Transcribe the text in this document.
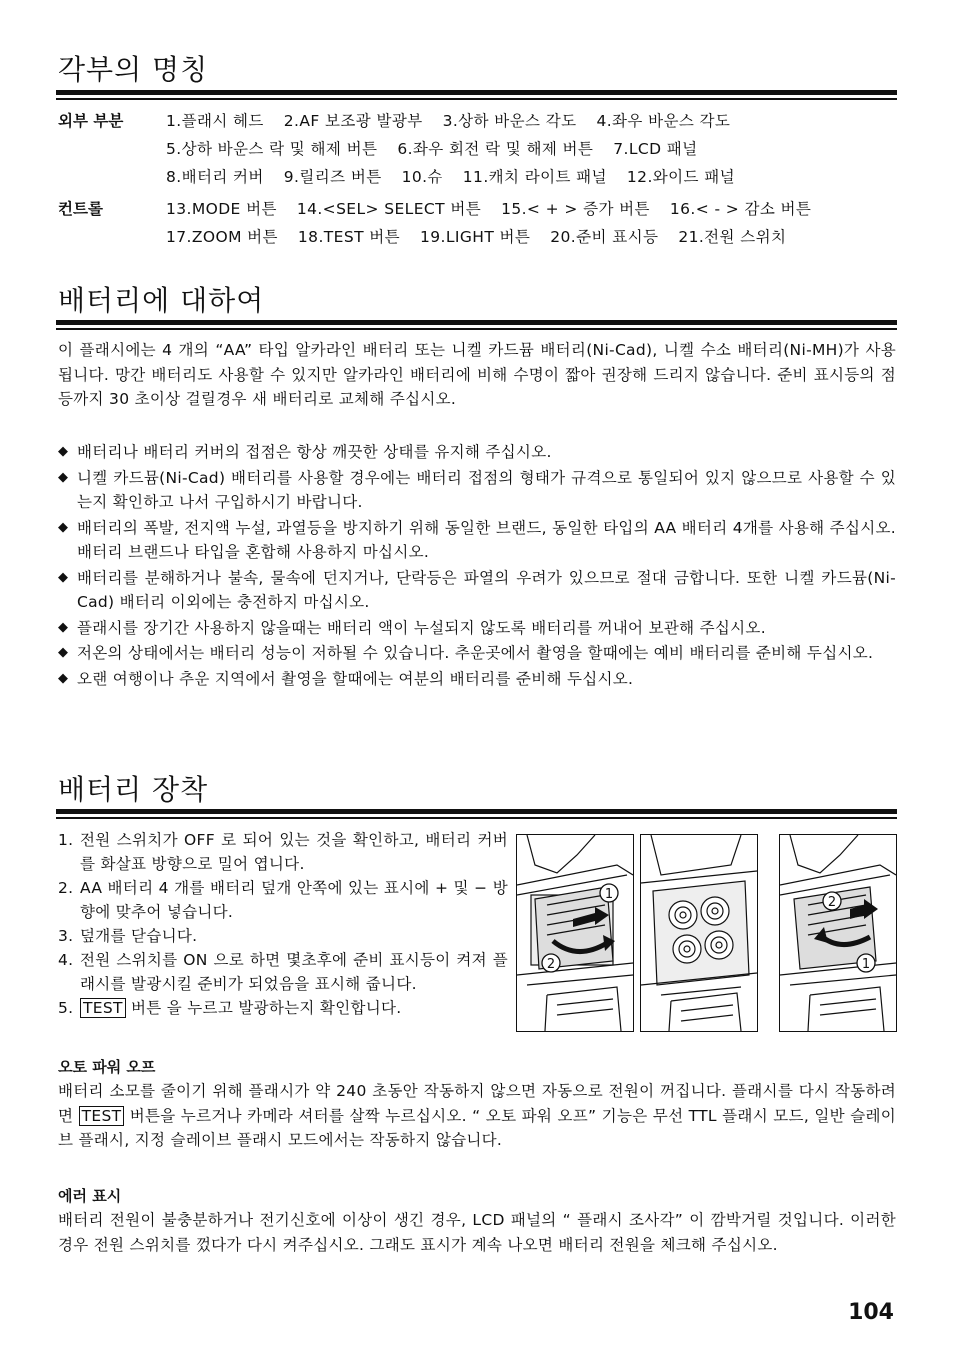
각부의 명칭
외부 부분	1.플래시 헤드 2.AF 보조광 발광부 3.상하 바운스 각도 4.좌우 바운스 각도
5.상하 바운스 락 및 해제 버튼 6.좌우 회전 락 및 해제 버튼 7.LCD 패널
8.배터리 커버 9.릴리즈 버튼 10.슈 11.캐치 라이트 패널 12.와이드 패널
컨트롤	13.MODE 버튼 14.<SEL> SELECT 버튼 15.< + > 증가 버튼 16.< - > 감소 버튼
17.ZOOM 버튼 18.TEST 버튼 19.LIGHT 버튼 20.준비 표시등 21.전원 스위치
배터리에 대하여
이 플래시에는 4 개의 “AA” 타입 알카라인 배터리 또는 니켈 카드뮴 배터리(Ni-Cad), 니켈 수소 배터리(Ni-MH)가 사용됩니다. 망간 배터리도 사용할 수 있지만 알카라인 배터리에 비해 수명이 짧아 권장해 드리지 않습니다. 준비 표시등의 점등까지 30 초이상 걸릴경우 새 배터리로 교체해 주십시오.
◆ 배터리나 배터리 커버의 접점은 항상 깨끗한 상태를 유지해 주십시오.
◆ 니켈 카드뮴(Ni-Cad) 배터리를 사용할 경우에는 배터리 접점의 형태가 규격으로 통일되어 있지 않으므로 사용할 수 있는지 확인하고 나서 구입하시기 바랍니다.
◆ 배터리의 폭발, 전지액 누설, 과열등을 방지하기 위해 동일한 브랜드, 동일한 타입의 AA 배터리 4개를 사용해 주십시오. 배터리 브랜드나 타입을 혼합해 사용하지 마십시오.
◆ 배터리를 분해하거나 불속, 물속에 던지거나, 단락등은 파열의 우려가 있으므로 절대 금합니다. 또한 니켈 카드뮴(Ni-Cad) 배터리 이외에는 충전하지 마십시오.
◆ 플래시를 장기간 사용하지 않을때는 배터리 액이 누설되지 않도록 배터리를 꺼내어 보관해 주십시오.
◆ 저온의 상태에서는 배터리 성능이 저하될 수 있습니다. 추운곳에서 촬영을 할때에는 예비 배터리를 준비해 두십시오.
◆ 오랜 여행이나 추운 지역에서 촬영을 할때에는 여분의 배터리를 준비해 두십시오.
배터리 장착
1. 전원 스위치가 OFF 로 되어 있는 것을 확인하고, 배터리 커버를 화살표 방향으로 밀어 엽니다.
2. AA 배터리 4 개를 배터리 덮개 안쪽에 있는 표시에 + 및 − 방향에 맞추어 넣습니다.
3. 덮개를 닫습니다.
4. 전원 스위치를 ON 으로 하면 몇초후에 준비 표시등이 켜져 플래시를 발광시킬 준비가 되었음을 표시해 줍니다.
5. TEST 버튼 을 누르고 발광하는지 확인합니다.
1
2
2
1
오토 파워 오프
배터리 소모를 줄이기 위해 플래시가 약 240 초동안 작동하지 않으면 자동으로 전원이 꺼집니다. 플래시를 다시 작동하려면 TEST 버튼을 누르거나 카메라 셔터를 살짝 누르십시오. “ 오토 파워 오프” 기능은 무선 TTL 플래시 모드, 일반 슬레이브 플래시, 지정 슬레이브 플래시 모드에서는 작동하지 않습니다.
에러 표시
배터리 전원이 불충분하거나 전기신호에 이상이 생긴 경우, LCD 패널의 “ 플래시 조사각” 이 깜박거릴 것입니다. 이러한 경우 전원 스위치를 껐다가 다시 켜주십시오. 그래도 표시가 계속 나오면 배터리 전원을 체크해 주십시오.
104
